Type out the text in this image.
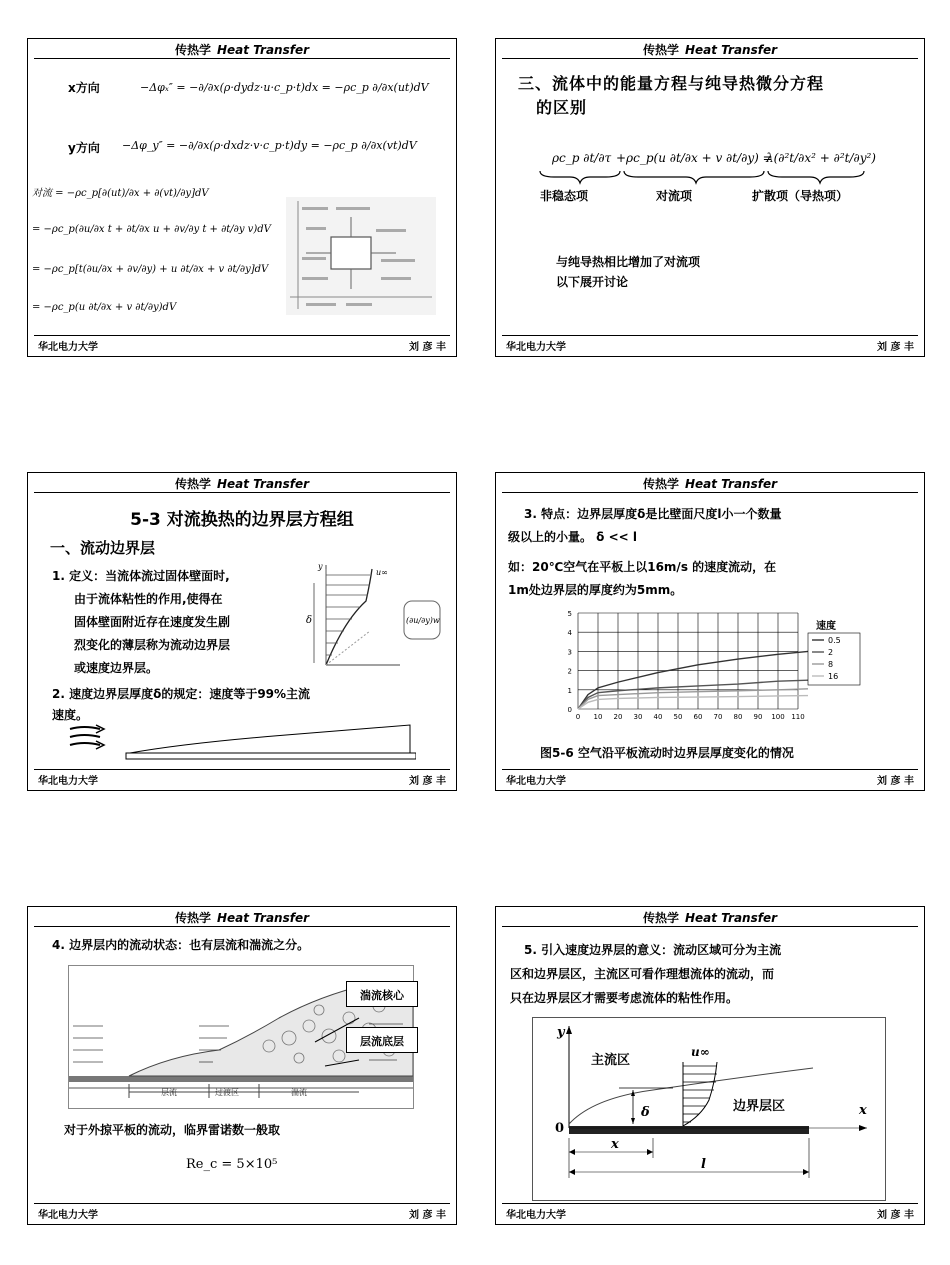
传热学 Heat Transfer
x方向	−Δφₓ″ = −∂/∂x(ρ·dydz·u·c_p·t)dx = −ρc_p ∂/∂x(ut)dV
y方向 −Δφ_y″ = −∂/∂x(ρ·dxdz·v·c_p·t)dy = −ρc_p ∂/∂x(vt)dV
对流 = −ρc_p[∂(ut)/∂x + ∂(vt)/∂y]dV
= −ρc_p(∂u/∂x t + ∂t/∂x u + ∂v/∂y t + ∂t/∂y v)dV
= −ρc_p[t(∂u/∂x + ∂v/∂y) + u ∂t/∂x + v ∂t/∂y]dV
= −ρc_p(u ∂t/∂x + v ∂t/∂y)dV
华北电力大学	刘 彦 丰
传热学 Heat Transfer
三、流体中的能量方程与纯导热微分方程
的区别
ρc_p ∂t/∂τ +ρc_p(u ∂t/∂x + v ∂t/∂y) =
λ(∂²t/∂x² + ∂²t/∂y²)
非稳态项	对流项	扩散项（导热项）
与纯导热相比增加了对流项
以下展开讨论
华北电力大学	刘 彦 丰
传热学 Heat Transfer
5-3 对流换热的边界层方程组
一、流动边界层
1. 定义：当流体流过固体壁面时,
由于流体粘性的作用,使得在
固体壁面附近存在速度发生剧
烈变化的薄层称为流动边界层
或速度边界层。
2. 速度边界层厚度δ的规定：速度等于99%主流
速度。
δ
y
u∞
(∂u/∂y)w
华北电力大学	刘 彦 丰
传热学 Heat Transfer
3. 特点：边界层厚度δ是比壁面尺度l小一个数量
级以上的小量。 δ << l
如：20℃空气在平板上以16m/s 的速度流动，在
1m处边界层的厚度约为5mm。
0 10 20 30 40 50 60 70 80 90 100 110
0
1
2
3
4
5
速度
0.5
2
8
16
图5-6 空气沿平板流动时边界层厚度变化的情况
华北电力大学	刘 彦 丰
传热学 Heat Transfer
4. 边界层内的流动状态：也有层流和湍流之分。
层流	过渡区	湍流
湍流核心
层流底层
对于外掠平板的流动，临界雷诺数一般取
Re_c = 5×10⁵
华北电力大学	刘 彦 丰
传热学 Heat Transfer
5. 引入速度边界层的意义：流动区域可分为主流
区和边界层区，主流区可看作理想流体的流动，而
只在边界层区才需要考虑流体的粘性作用。
主流区
边界层区
y
x
0
δ
x
l
u∞
华北电力大学	刘 彦 丰
